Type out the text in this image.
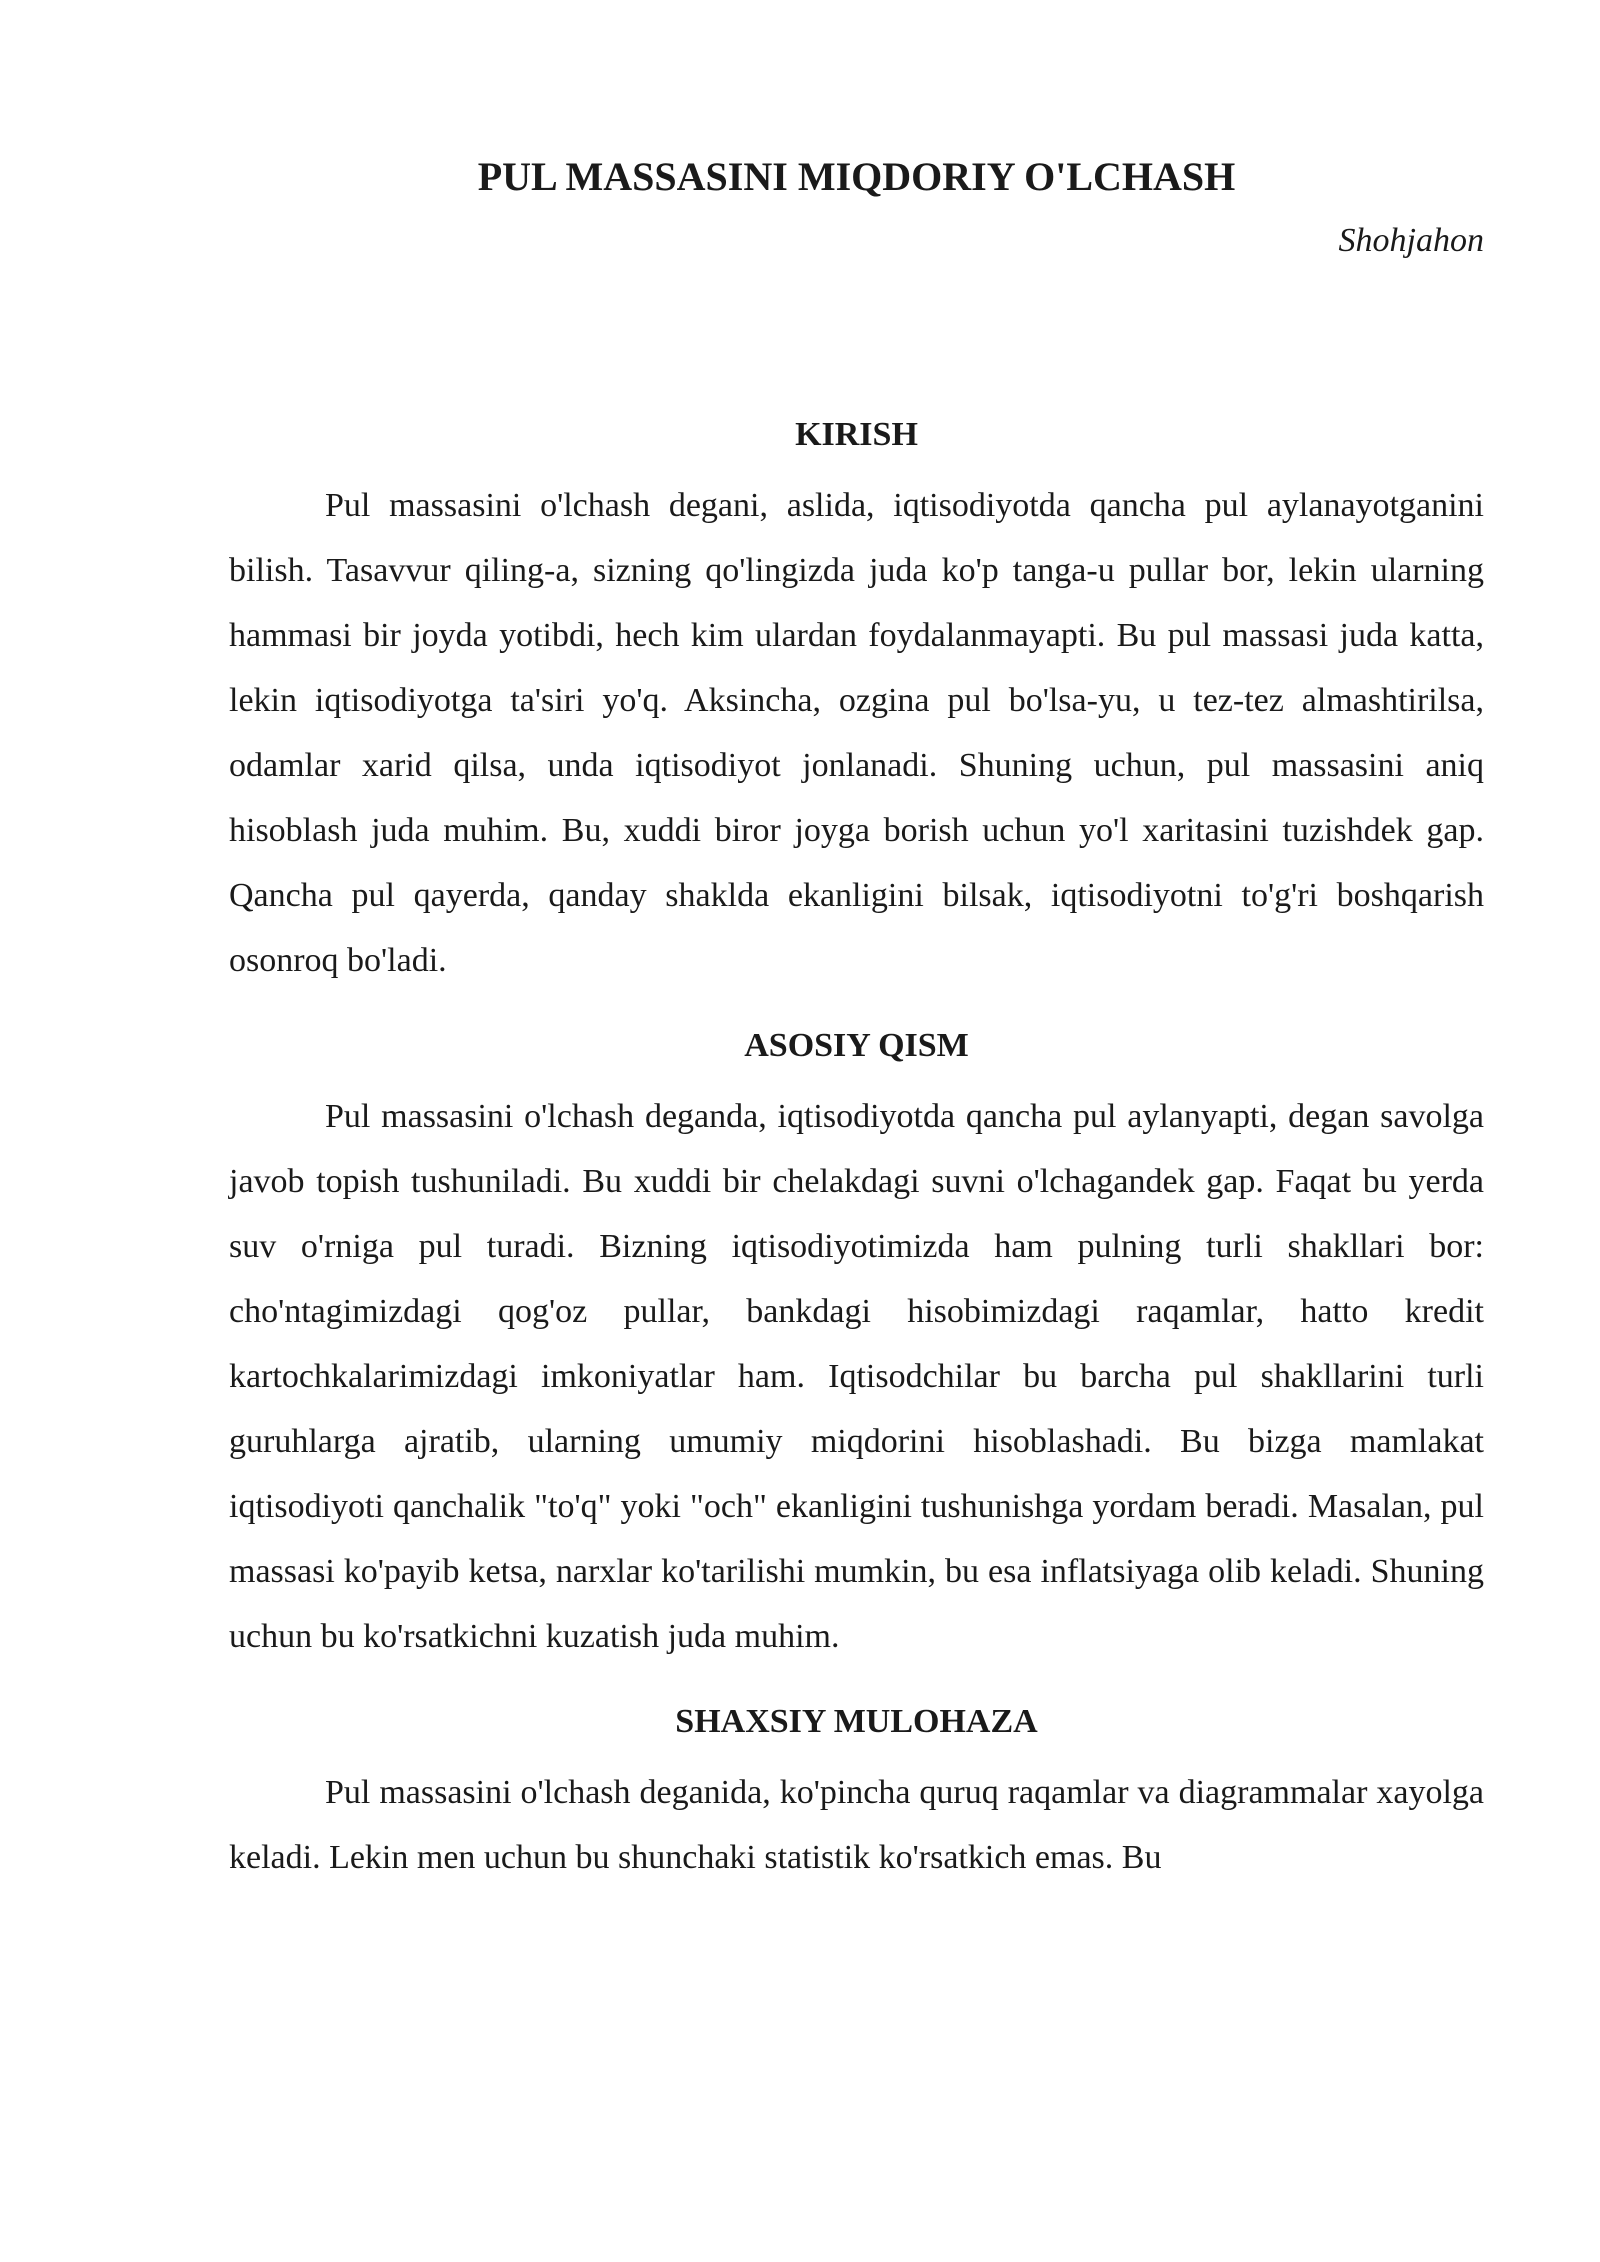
PUL MASSASINI MIQDORIY O'LCHASH
Shohjahon
KIRISH

Pul massasini o'lchash degani, aslida, iqtisodiyotda qancha pul aylanayotganini bilish. Tasavvur qiling-a, sizning qo'lingizda juda ko'p tanga-u pullar bor, lekin ularning hammasi bir joyda yotibdi, hech kim ulardan foydalanmayapti. Bu pul massasi juda katta, lekin iqtisodiyotga ta'siri yo'q. Aksincha, ozgina pul bo'lsa-yu, u tez-tez almashtirilsa, odamlar xarid qilsa, unda iqtisodiyot jonlanadi. Shuning uchun, pul massasini aniq hisoblash juda muhim. Bu, xuddi biror joyga borish uchun yo'l xaritasini tuzishdek gap. Qancha pul qayerda, qanday shaklda ekanligini bilsak, iqtisodiyotni to'g'ri boshqarish osonroq bo'ladi.

ASOSIY QISM

Pul massasini o'lchash deganda, iqtisodiyotda qancha pul aylanyapti, degan savolga javob topish tushuniladi. Bu xuddi bir chelakdagi suvni o'lchagandek gap. Faqat bu yerda suv o'rniga pul turadi. Bizning iqtisodiyotimizda ham pulning turli shakllari bor: cho'ntagimizdagi qog'oz pullar, bankdagi hisobimizdagi raqamlar, hatto kredit kartochkalarimizdagi imkoniyatlar ham. Iqtisodchilar bu barcha pul shakllarini turli guruhlarga ajratib, ularning umumiy miqdorini hisoblashadi. Bu bizga mamlakat iqtisodiyoti qanchalik "to'q" yoki "och" ekanligini tushunishga yordam beradi. Masalan, pul massasi ko'payib ketsa, narxlar ko'tarilishi mumkin, bu esa inflatsiyaga olib keladi. Shuning uchun bu ko'rsatkichni kuzatish juda muhim.

SHAXSIY MULOHAZA

Pul massasini o'lchash deganida, ko'pincha quruq raqamlar va diagrammalar xayolga keladi. Lekin men uchun bu shunchaki statistik ko'rsatkich emas. Bu
